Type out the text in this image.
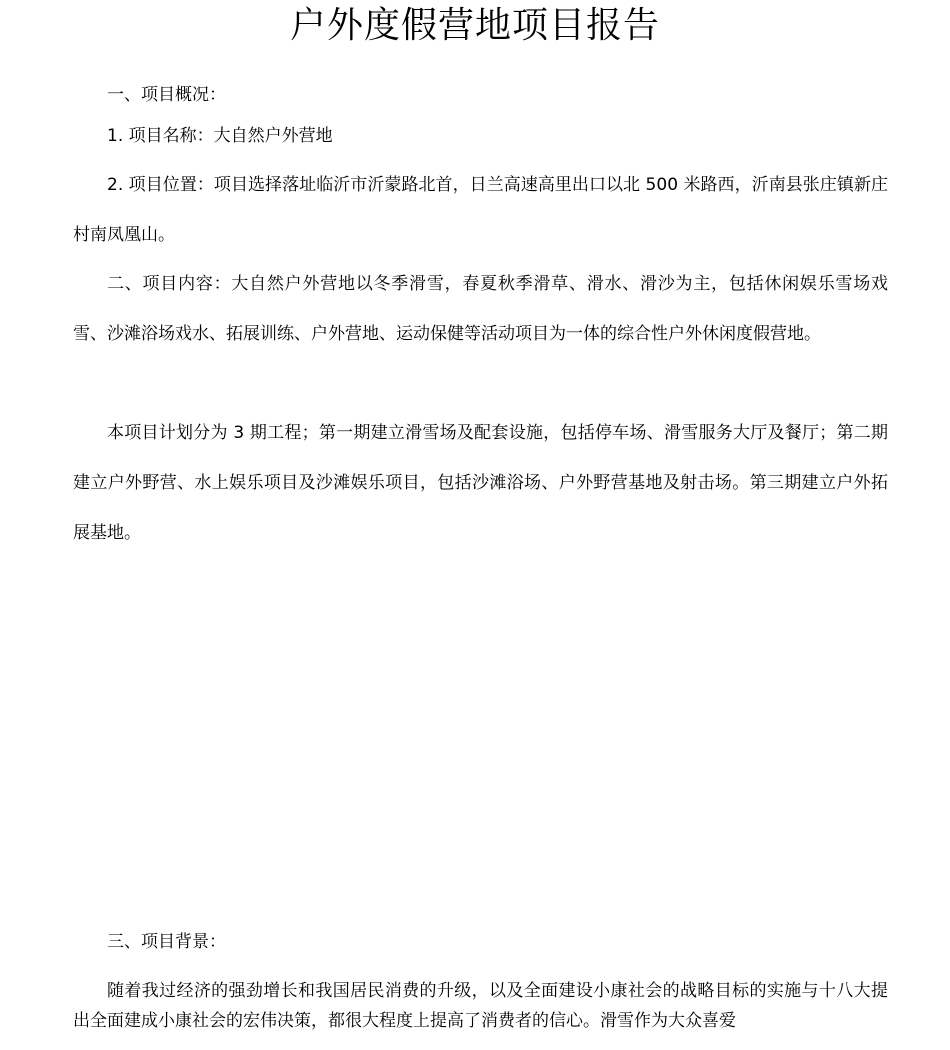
户外度假营地项目报告

一、项目概况：

1. 项目名称：大自然户外营地

2. 项目位置：项目选择落址临沂市沂蒙路北首，日兰高速高里出口以北 500 米路西，沂南县张庄镇新庄村南凤凰山。

二、项目内容：大自然户外营地以冬季滑雪，春夏秋季滑草、滑水、滑沙为主，包括休闲娱乐雪场戏雪、沙滩浴场戏水、拓展训练、户外营地、运动保健等活动项目为一体的综合性户外休闲度假营地。

本项目计划分为 3 期工程；第一期建立滑雪场及配套设施，包括停车场、滑雪服务大厅及餐厅；第二期建立户外野营、水上娱乐项目及沙滩娱乐项目，包括沙滩浴场、户外野营基地及射击场。第三期建立户外拓展基地。

三、项目背景：

随着我过经济的强劲增长和我国居民消费的升级，以及全面建设小康社会的战略目标的实施与十八大提出全面建成小康社会的宏伟决策，都很大程度上提高了消费者的信心。滑雪作为大众喜爱
